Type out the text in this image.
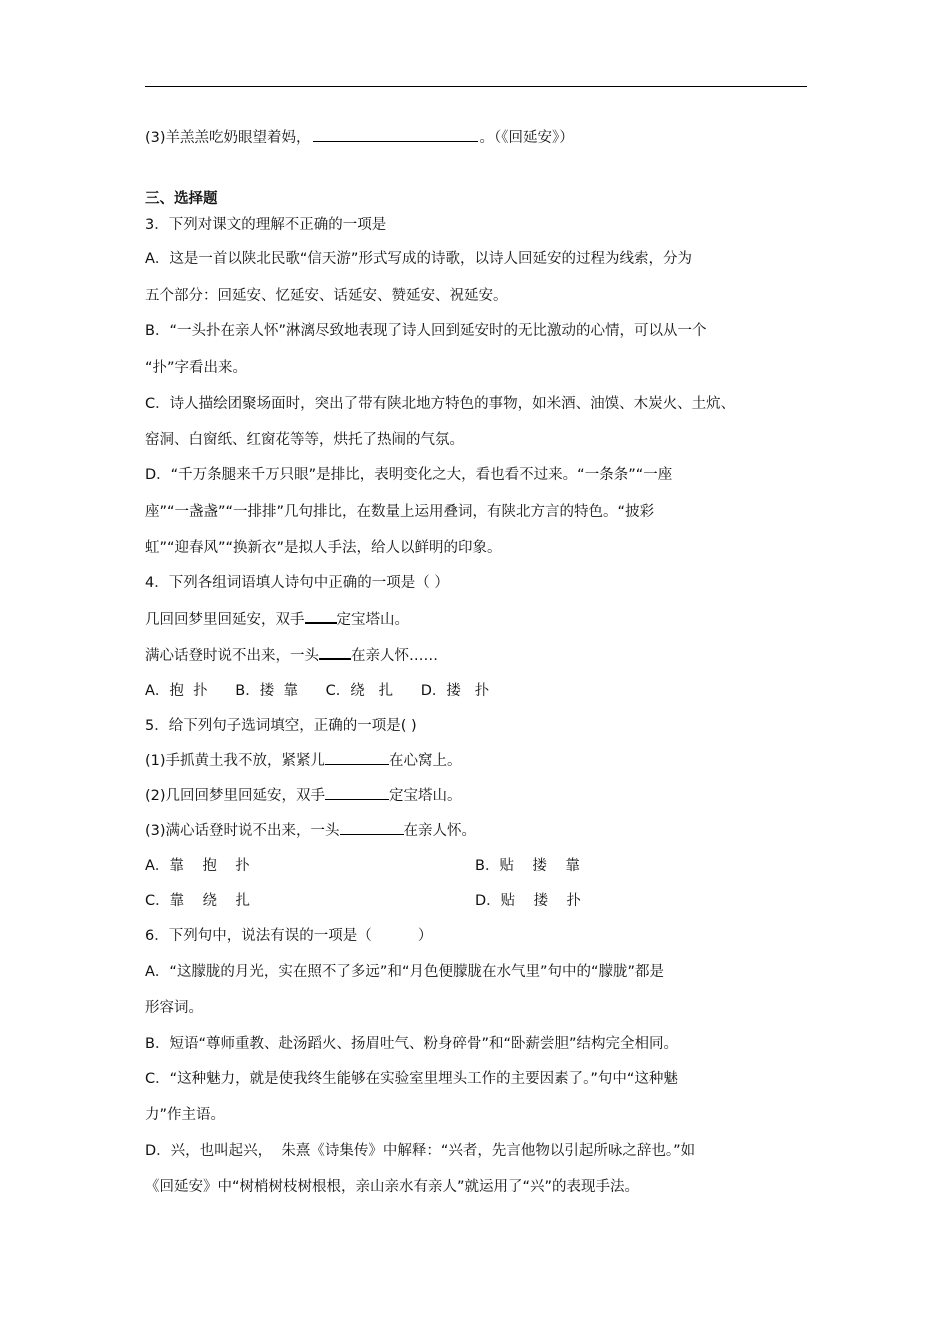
(3)羊羔羔吃奶眼望着妈，	。（《回延安》）
三、选择题
3．下列对课文的理解不正确的一项是
A．这是一首以陕北民歌“信天游”形式写成的诗歌，以诗人回延安的过程为线索，分为
五个部分：回延安、忆延安、话延安、赞延安、祝延安。
B．“一头扑在亲人怀”淋漓尽致地表现了诗人回到延安时的无比激动的心情，可以从一个
“扑”字看出来。
C．诗人描绘团聚场面时，突出了带有陕北地方特色的事物，如米酒、油馍、木炭火、土炕、
窑洞、白窗纸、红窗花等等，烘托了热闹的气氛。
D．“千万条腿来千万只眼”是排比，表明变化之大，看也看不过来。“一条条”“一座
座”“一盏盏”“一排排”几句排比，在数量上运用叠词，有陕北方言的特色。“披彩
虹”“迎春风”“换新衣”是拟人手法，给人以鲜明的印象。
4．下列各组词语填人诗句中正确的一项是（ ）
几回回梦里回延安，双手 定宝塔山。
满心话登时说不出来，一头 在亲人怀……
A．抱  扑      B．搂  靠      C．绕   扎      D．搂   扑
5．给下列句子选词填空，正确的一项是( )
(1)手抓黄土我不放，紧紧儿	在心窝上。
(2)几回回梦里回延安，双手	定宝塔山。
(3)满心话登时说不出来，一头	在亲人怀。
A．靠    抱    扑	B．贴    搂    靠
C．靠    绕    扎	D．贴    搂    扑
6．下列句中，说法有误的一项是（          ）
A．“这朦胧的月光，实在照不了多远”和“月色便朦胧在水气里”句中的“朦胧”都是
形容词。
B．短语“尊师重教、赴汤蹈火、扬眉吐气、粉身碎骨”和“卧薪尝胆”结构完全相同。
C．“这种魅力，就是使我终生能够在实验室里埋头工作的主要因素了。”句中“这种魅
力”作主语。
D．兴，也叫起兴，  朱熹《诗集传》中解释：“兴者，先言他物以引起所咏之辞也。”如
《回延安》中“树梢树枝树根根，亲山亲水有亲人”就运用了“兴”的表现手法。
